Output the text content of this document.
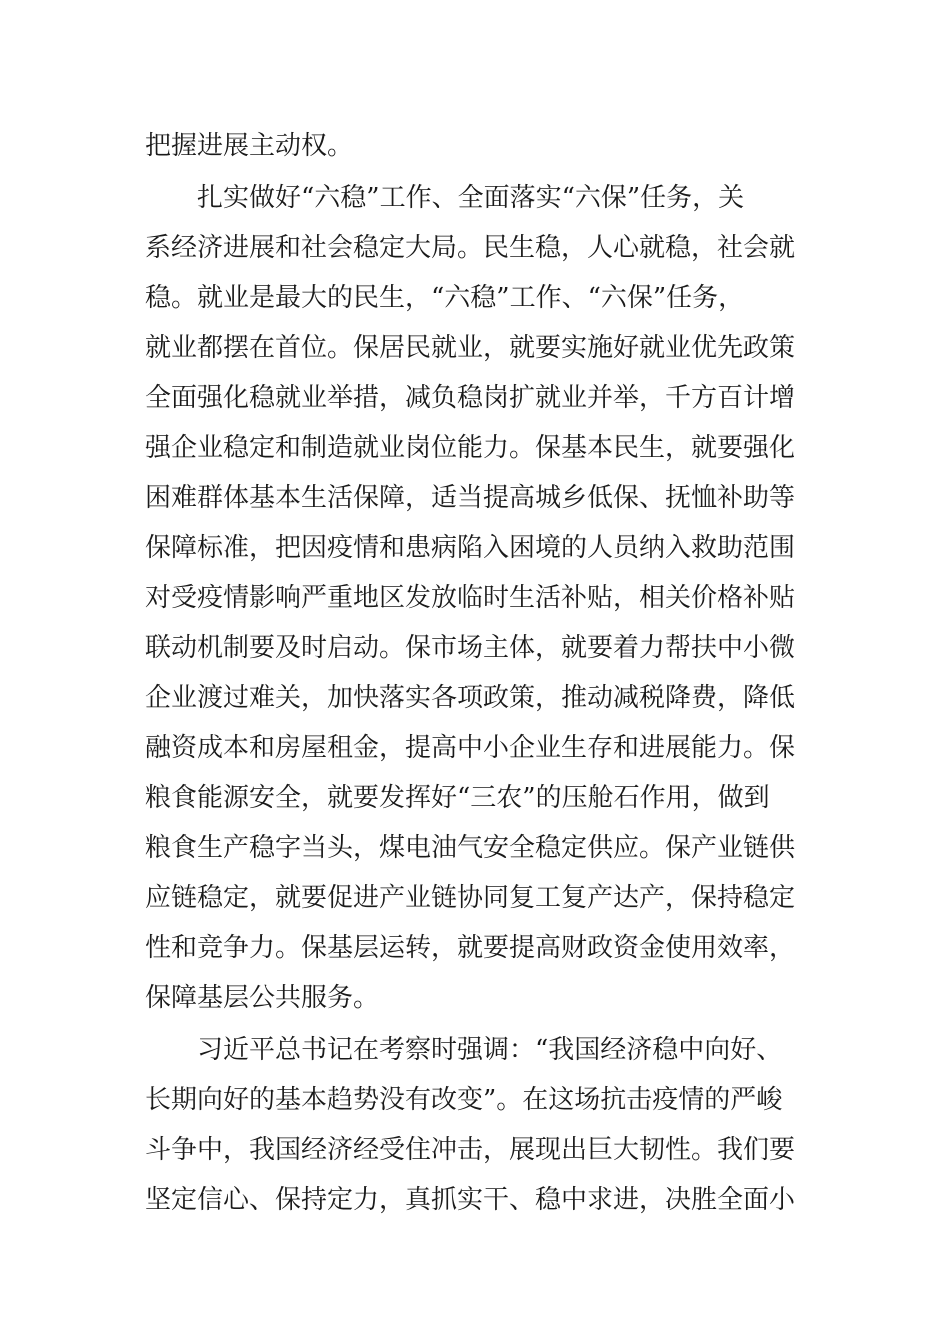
把握进展主动权。
扎实做好“六稳”工作、全面落实“六保”任务，关
系经济进展和社会稳定大局。民生稳，人心就稳，社会就
稳。就业是最大的民生，“六稳”工作、“六保”任务，
就业都摆在首位。保居民就业，就要实施好就业优先政策
全面强化稳就业举措，减负稳岗扩就业并举，千方百计增
强企业稳定和制造就业岗位能力。保基本民生，就要强化
困难群体基本生活保障，适当提高城乡低保、抚恤补助等
保障标准，把因疫情和患病陷入困境的人员纳入救助范围
对受疫情影响严重地区发放临时生活补贴，相关价格补贴
联动机制要及时启动。保市场主体，就要着力帮扶中小微
企业渡过难关，加快落实各项政策，推动减税降费，降低
融资成本和房屋租金，提高中小企业生存和进展能力。保
粮食能源安全，就要发挥好“三农”的压舱石作用，做到
粮食生产稳字当头，煤电油气安全稳定供应。保产业链供
应链稳定，就要促进产业链协同复工复产达产，保持稳定
性和竞争力。保基层运转，就要提高财政资金使用效率，
保障基层公共服务。
习近平总书记在考察时强调：“我国经济稳中向好、
长期向好的基本趋势没有改变”。在这场抗击疫情的严峻
斗争中，我国经济经受住冲击，展现出巨大韧性。我们要
坚定信心、保持定力，真抓实干、稳中求进，决胜全面小
